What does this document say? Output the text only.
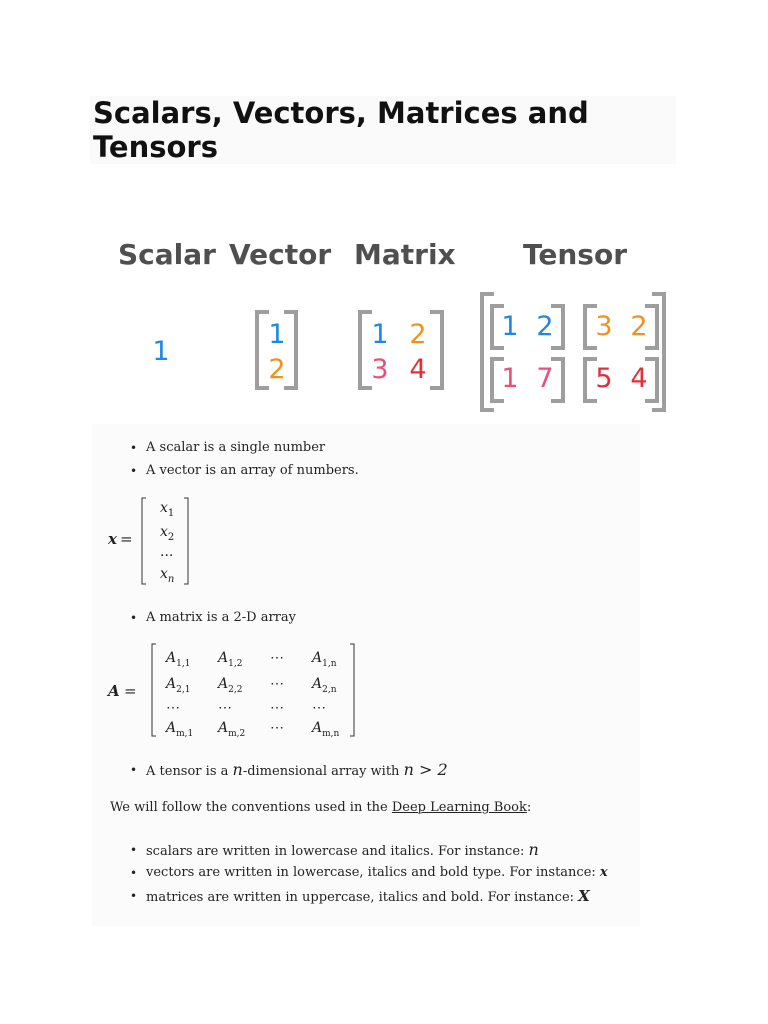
Scalars, Vectors, Matrices and Tensors
Scalar Vector Matrix Tensor
1
1
2
1 2
3 4
1 2 3 2
1 7 5 4
• A scalar is a single number
• A vector is an array of numbers.
x =
$x_1$
$x_2$
...
$x_n$
• A matrix is a 2-D array
A =
$A_{1,1}$ $A_{1,2}$ ⋯ $A_{1,n}$
$A_{2,1}$ $A_{2,2}$ ⋯ $A_{2,n}$
⋯	⋯	⋯ ⋯
$A_{m,1}$ $A_{m,2}$ ⋯ $A_{m,n}$
• A tensor is a n-dimensional array with n > 2
We will follow the conventions used in the Deep Learning Book:
• scalars are written in lowercase and italics. For instance: n
• vectors are written in lowercase, italics and bold type. For instance: x
• matrices are written in uppercase, italics and bold. For instance: X
